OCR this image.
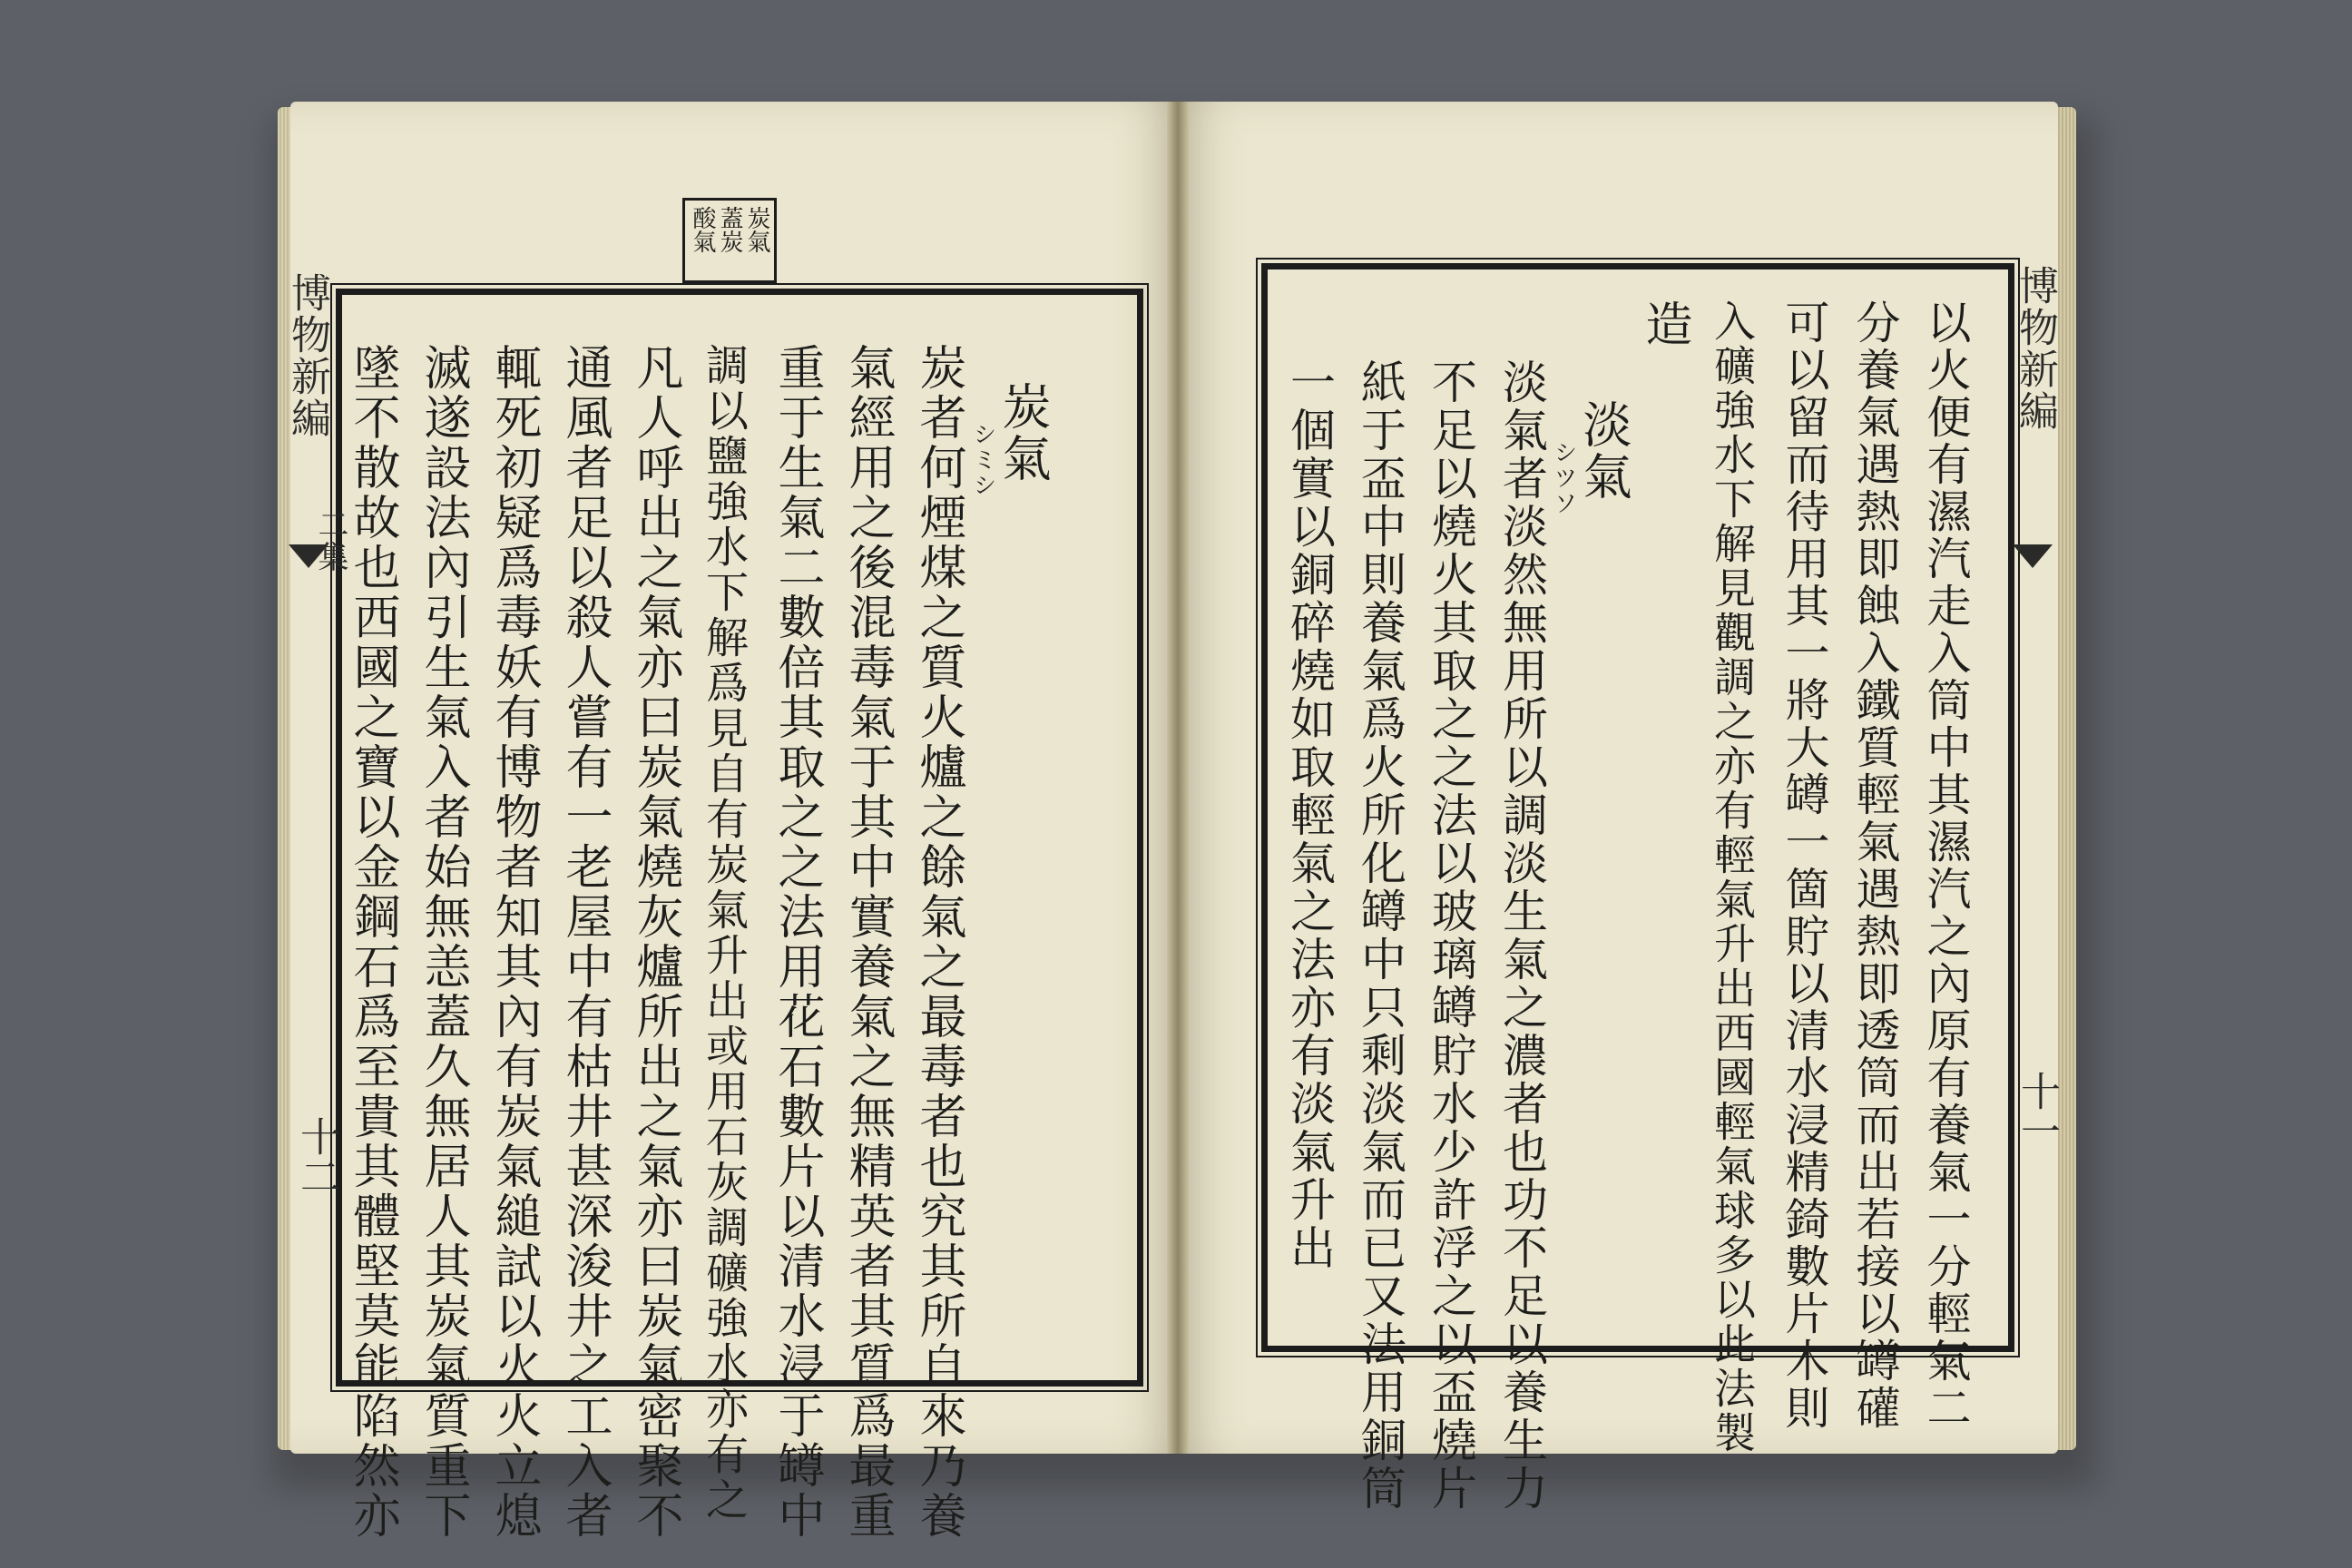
炭氣
蓋炭
酸氣
博物新編
二集
十二
炭氣
シミシ
炭者何煙煤之質火爐之餘氣之最毒者也究其所自來乃養
氣經用之後混毒氣于其中實養氣之無精英者其質爲最重
重于生氣二數倍其取之之法用花石數片以清水浸于罇中
調以鹽強水下解爲見自有炭氣升出或用石灰調礦強水亦有之
凡人呼出之氣亦曰炭氣燒灰爐所出之氣亦曰炭氣密聚不
通風者足以殺人嘗有一老屋中有枯井甚深浚井之工入者
輒死初疑爲毒妖有博物者知其內有炭氣縋試以火火立熄
滅遂設法內引生氣入者始無恙蓋久無居人其炭氣質重下
墜不散故也西國之寶以金鋼石爲至貴其體堅莫能陷然亦	博物新編
十一
以火便有濕汽走入筒中其濕汽之內原有養氣一分輕氣二
分養氣遇熱即蝕入鐵質輕氣遇熱即透筒而出若接以罇礶
可以留而待用其一將大罇一箇貯以清水浸精錡數片木則
入礦強水下解見觀調之亦有輕氣升出西國輕氣球多以此法製
造
淡氣
シツソ
淡氣者淡然無用所以調淡生氣之濃者也功不足以養生力
不足以燒火其取之之法以玻璃罇貯水少許浮之以盃燒片
紙于盃中則養氣爲火所化罇中只剩淡氣而已又法用銅筒
一個實以銅碎燒如取輕氣之法亦有淡氣升出
